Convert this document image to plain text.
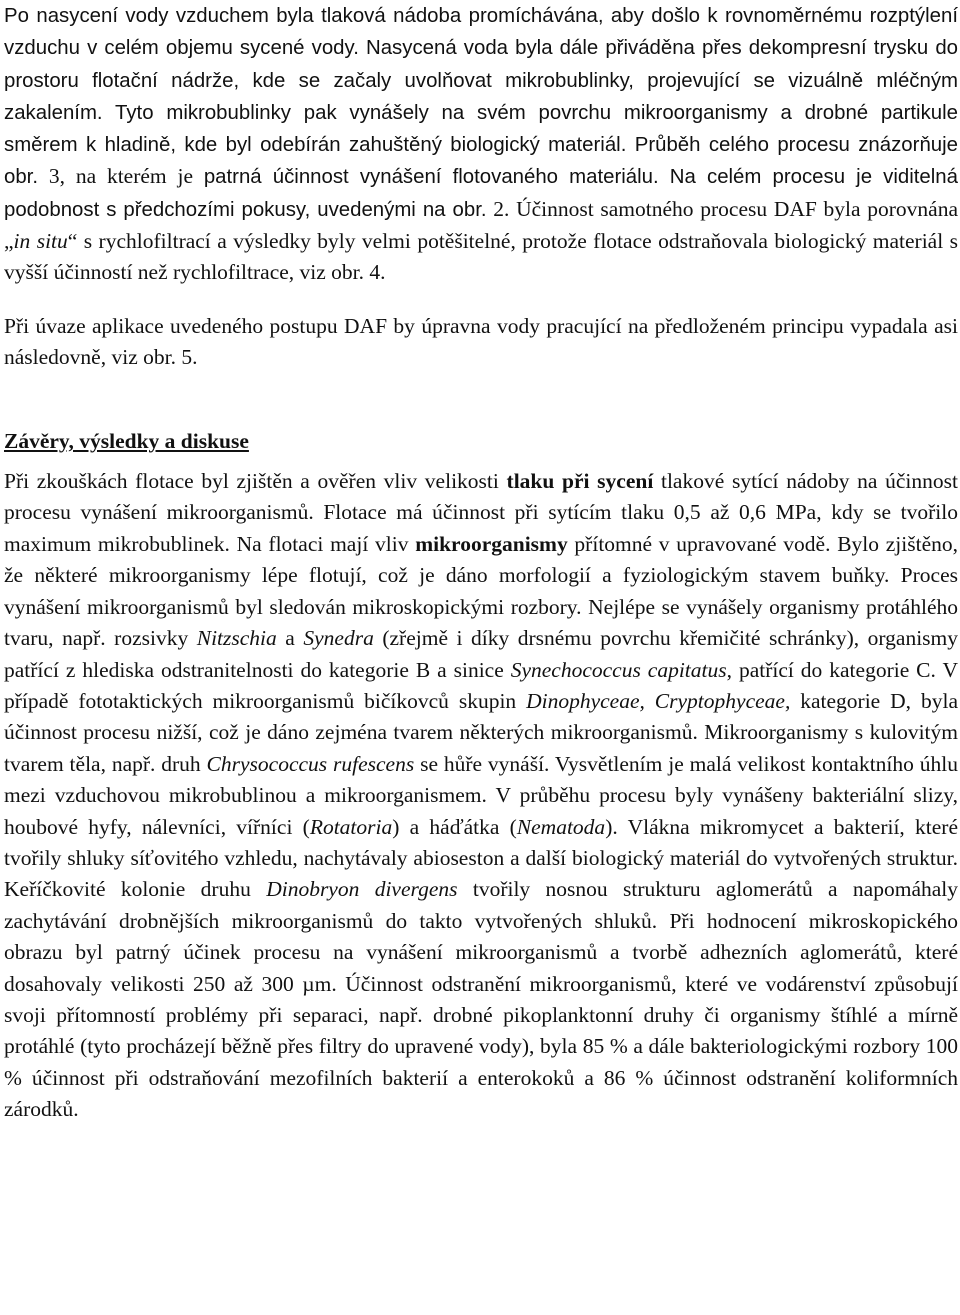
Po nasycení vody vzduchem byla tlaková nádoba promíchávána, aby došlo k rovnoměrnému rozptýlení vzduchu v celém objemu sycené vody. Nasycená voda byla dále přiváděna přes dekompresní trysku do prostoru flotační nádrže, kde se začaly uvolňovat mikrobublinky, projevující se vizuálně mléčným zakalením. Tyto mikrobublinky pak vynášely na svém povrchu mikroorganismy a drobné partikule směrem k hladině, kde byl odebírán zahuštěný biologický materiál. Průběh celého procesu znázorňuje obr. 3, na kterém je patrná účinnost vynášení flotovaného materiálu. Na celém procesu je viditelná podobnost s předchozími pokusy, uvedenými na obr. 2. Účinnost samotného procesu DAF byla porovnána „in situ“ s rychlofiltrací a výsledky byly velmi potěšitelné, protože flotace odstraňovala biologický materiál s vyšší účinností než rychlofiltrace, viz obr. 4.

Při úvaze aplikace uvedeného postupu DAF by úpravna vody pracující na předloženém principu vypadala asi následovně, viz obr. 5.

Závěry, výsledky a diskuse

Při zkouškách flotace byl zjištěn a ověřen vliv velikosti tlaku při sycení tlakové sytící nádoby na účinnost procesu vynášení mikroorganismů. Flotace má účinnost při sytícím tlaku 0,5 až 0,6 MPa, kdy se tvořilo maximum mikrobublinek. Na flotaci mají vliv mikroorganismy přítomné v upravované vodě. Bylo zjištěno, že některé mikroorganismy lépe flotují, což je dáno morfologií a fyziologickým stavem buňky. Proces vynášení mikroorganismů byl sledován mikroskopickými rozbory. Nejlépe se vynášely organismy protáhlého tvaru, např. rozsivky Nitzschia a Synedra (zřejmě i díky drsnému povrchu křemičité schránky), organismy patřící z hlediska odstranitelnosti do kategorie B a sinice Synechococcus capitatus, patřící do kategorie C. V případě fototaktických mikroorganismů bičíkovců skupin Dinophyceae, Cryptophyceae, kategorie D, byla účinnost procesu nižší, což je dáno zejména tvarem některých mikroorganismů. Mikroorganismy s kulovitým tvarem těla, např. druh Chrysococcus rufescens se hůře vynáší. Vysvětlením je malá velikost kontaktního úhlu mezi vzduchovou mikrobublinou a mikroorganismem. V průběhu procesu byly vynášeny bakteriální slizy, houbové hyfy, nálevníci, vířníci (Rotatoria) a háďátka (Nematoda). Vlákna mikromycet a bakterií, které tvořily shluky síťovitého vzhledu, nachytávaly abioseston a další biologický materiál do vytvořených struktur. Keříčkovité kolonie druhu Dinobryon divergens tvořily nosnou strukturu aglomerátů a napomáhaly zachytávání drobnějších mikroorganismů do takto vytvořených shluků. Při hodnocení mikroskopického obrazu byl patrný účinek procesu na vynášení mikroorganismů a tvorbě adhezních aglomerátů, které dosahovaly velikosti 250 až 300 µm. Účinnost odstranění mikroorganismů, které ve vodárenství způsobují svoji přítomností problémy při separaci, např. drobné pikoplanktonní druhy či organismy štíhlé a mírně protáhlé (tyto procházejí běžně přes filtry do upravené vody), byla 85 % a dále bakteriologickými rozbory 100 % účinnost při odstraňování mezofilních bakterií a enterokoků a 86 % účinnost odstranění koliformních zárodků.
